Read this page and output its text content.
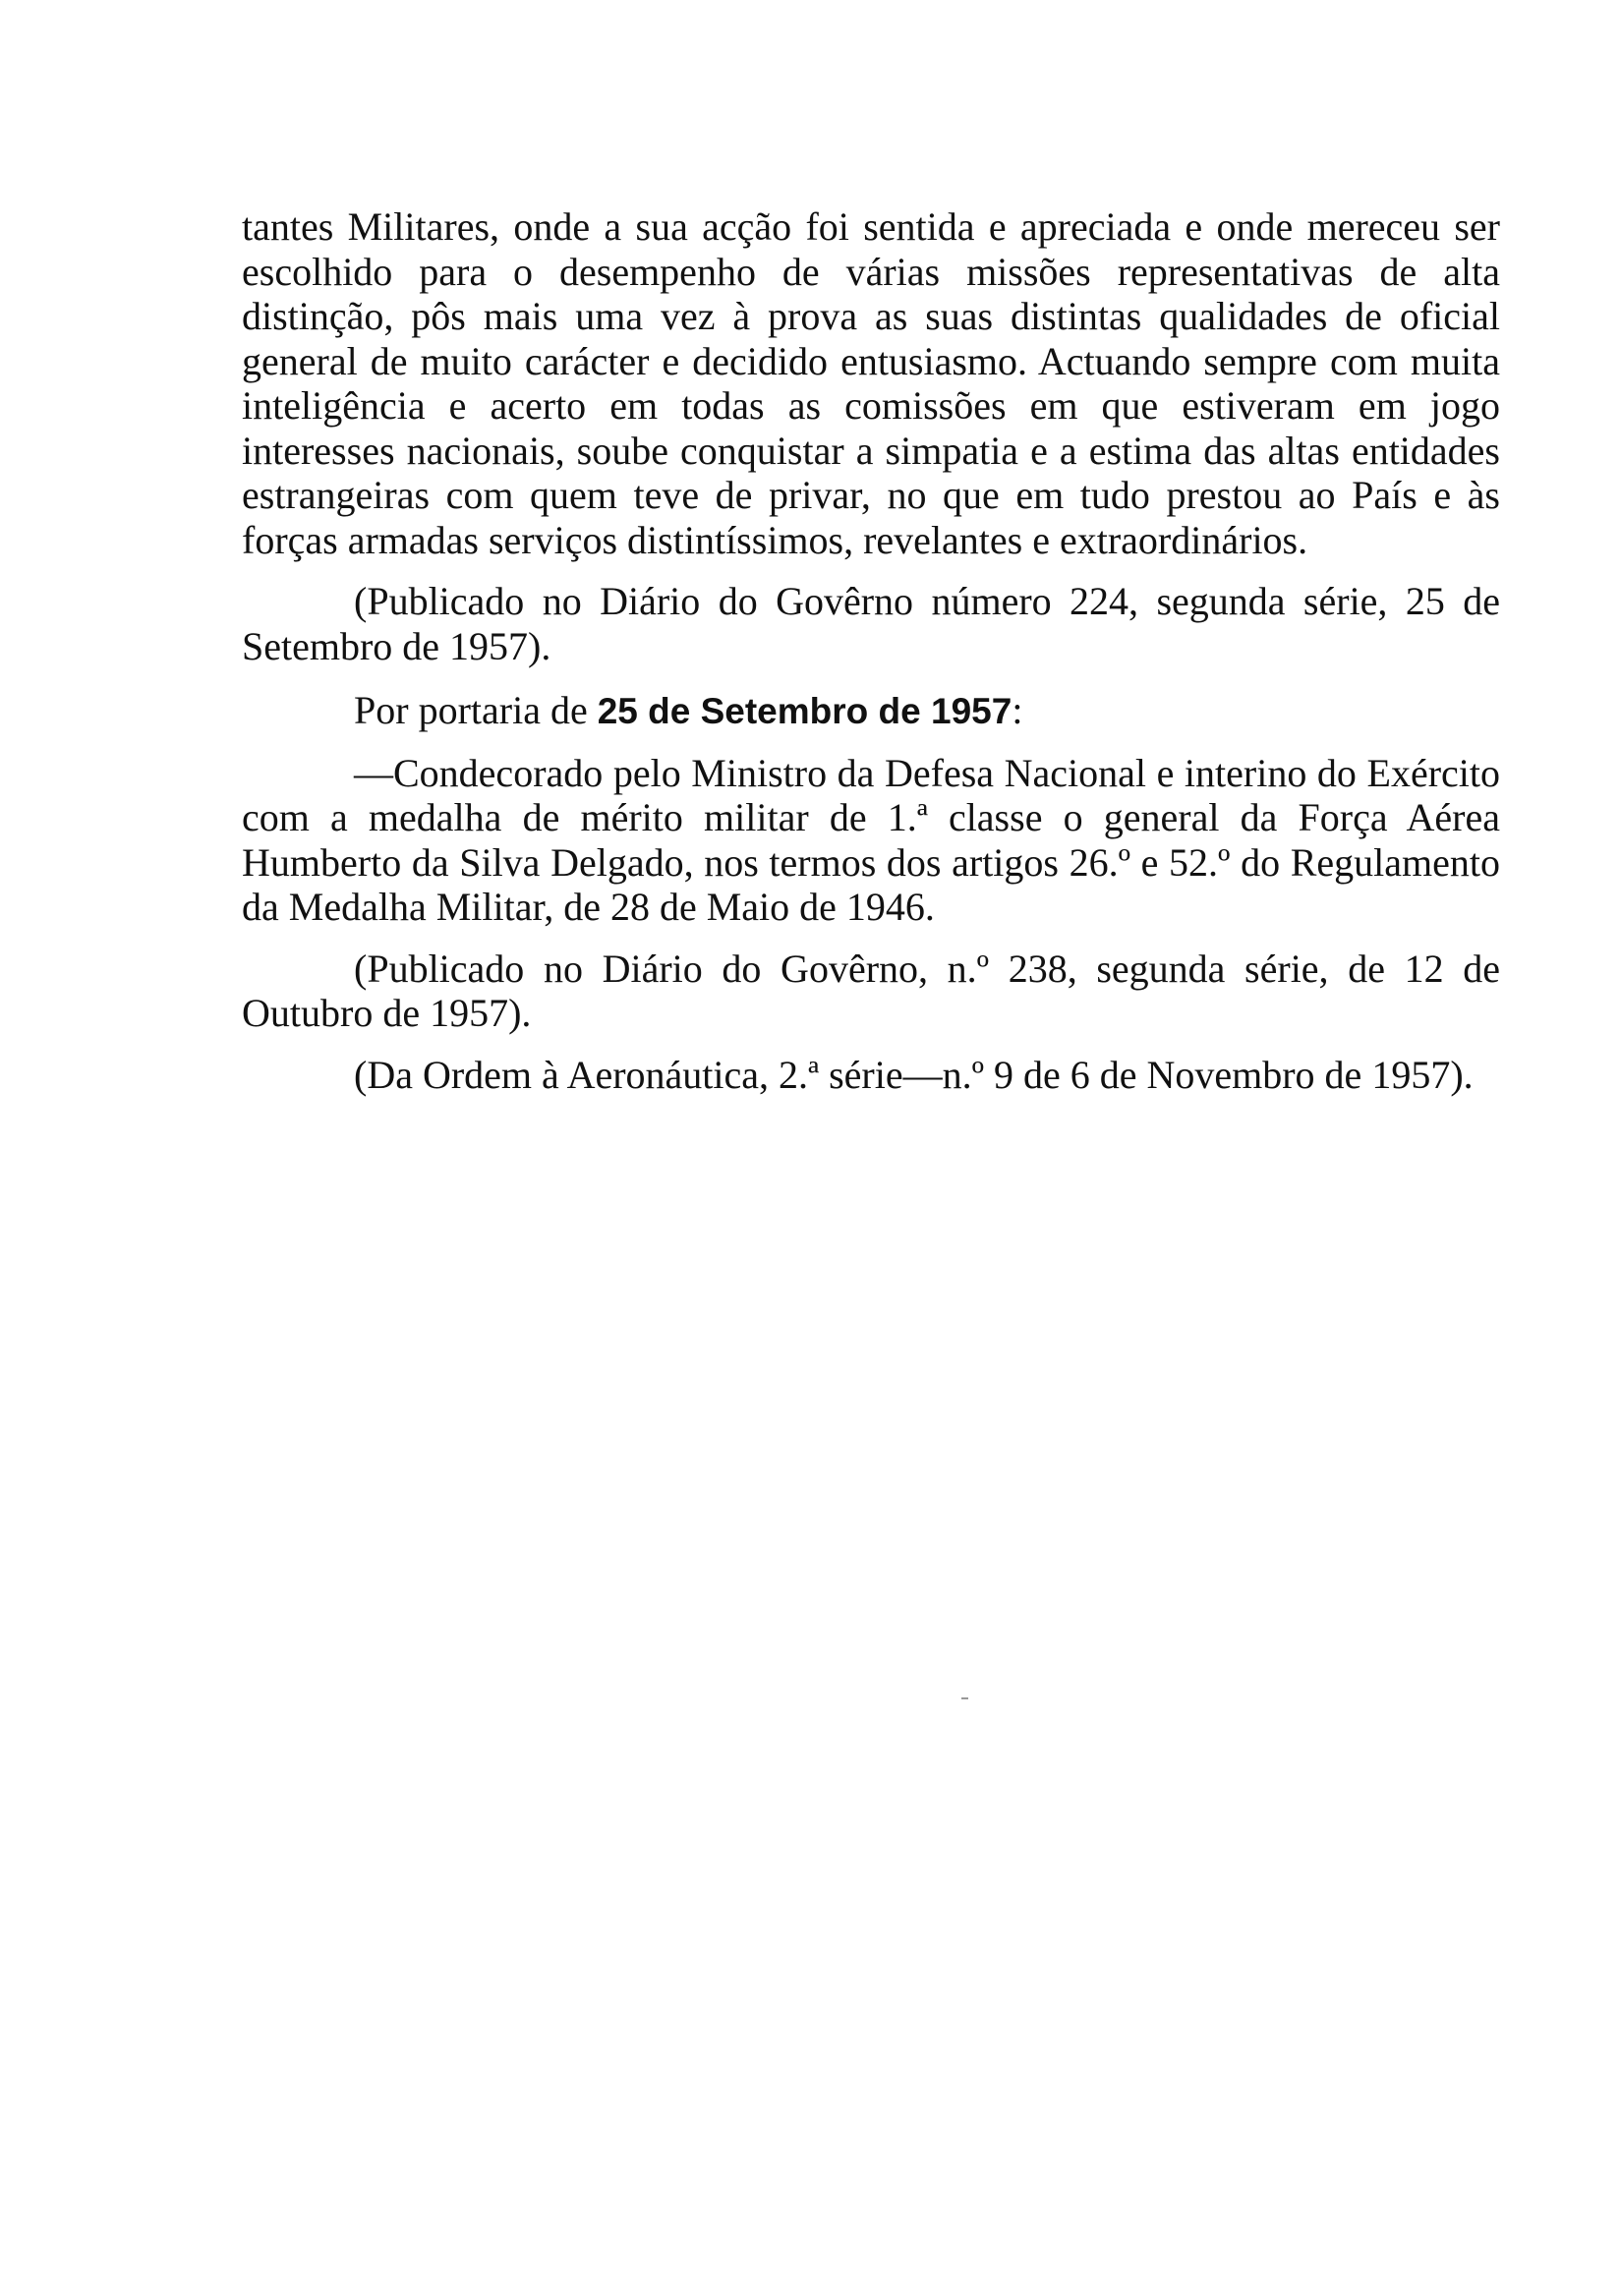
tantes Militares, onde a sua acção foi sentida e apreciada e onde mereceu ser escolhido para o desempenho de várias missões representativas de alta distinção, pôs mais uma vez à prova as suas distintas qualidades de oficial general de muito carácter e decidido entusiasmo. Actuando sempre com muita inteligência e acerto em todas as comissões em que estiveram em jogo interesses nacionais, soube conquistar a simpatia e a estima das altas entidades estrangeiras com quem teve de privar, no que em tudo prestou ao País e às forças armadas serviços distintíssimos, revelantes e extraordinários.

(Publicado no Diário do Govêrno número 224, segunda série, 25 de Setembro de 1957).

Por portaria de 25 de Setembro de 1957:

—Condecorado pelo Ministro da Defesa Nacional e interino do Exército com a medalha de mérito militar de 1.ª classe o general da Força Aérea Humberto da Silva Delgado, nos termos dos artigos 26.º e 52.º do Regulamento da Medalha Militar, de 28 de Maio de 1946.

(Publicado no Diário do Govêrno, n.º 238, segunda série, de 12 de Outubro de 1957).

(Da Ordem à Aeronáutica, 2.ª série—n.º 9 de 6 de Novembro de 1957).
